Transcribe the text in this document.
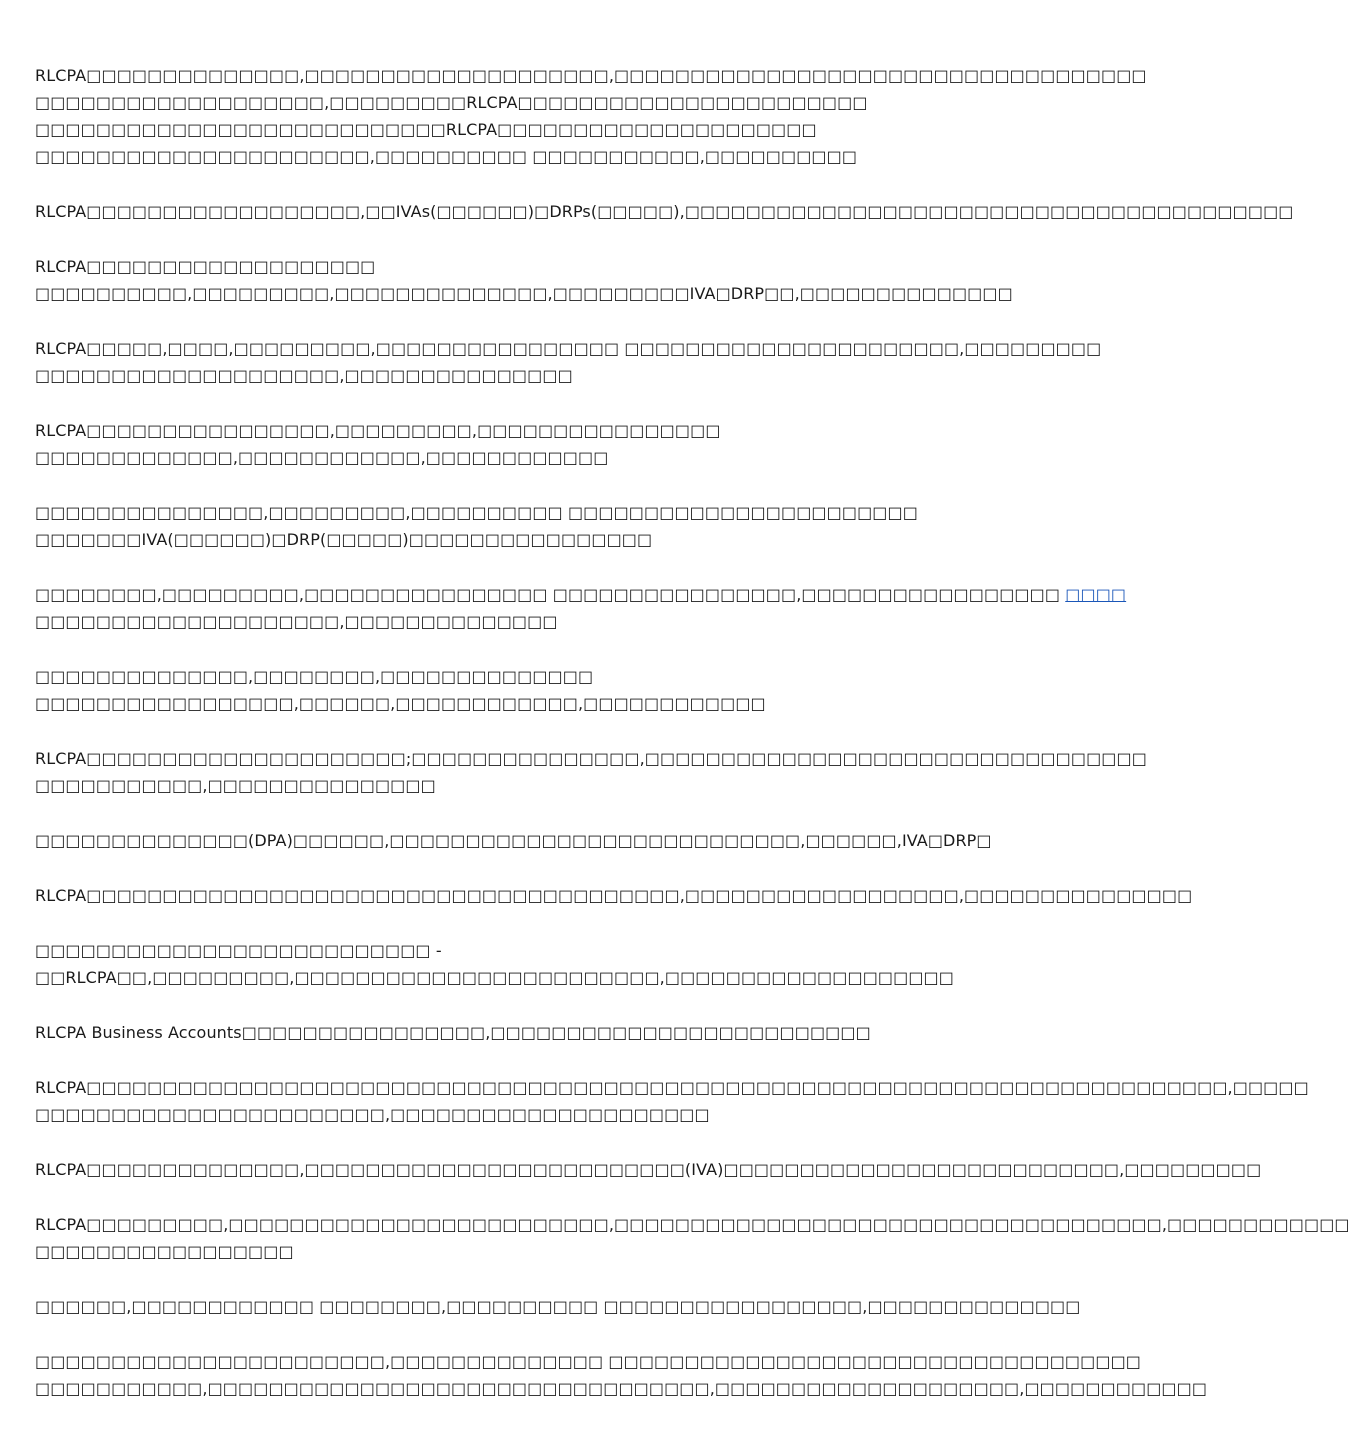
RLCPA□□□□□□□□□□□□□□,□□□□□□□□□□□□□□□□□□□□,□□□□□□□□□□□□□□□□□□□□□□□□□□□□□□□□□□□
□□□□□□□□□□□□□□□□□□□,□□□□□□□□□RLCPA□□□□□□□□□□□□□□□□□□□□□□□
□□□□□□□□□□□□□□□□□□□□□□□□□□□RLCPA□□□□□□□□□□□□□□□□□□□□□
□□□□□□□□□□□□□□□□□□□□□□,□□□□□□□□□□ □□□□□□□□□□□,□□□□□□□□□□
RLCPA□□□□□□□□□□□□□□□□□□,□□IVAs(□□□□□□)□DRPs(□□□□□),□□□□□□□□□□□□□□□□□□□□□□□□□□□□□□□□□□□□□□□□
RLCPA□□□□□□□□□□□□□□□□□□□
□□□□□□□□□□,□□□□□□□□□,□□□□□□□□□□□□□□,□□□□□□□□□IVA□DRP□□,□□□□□□□□□□□□□□
RLCPA□□□□□,□□□□,□□□□□□□□□,□□□□□□□□□□□□□□□□ □□□□□□□□□□□□□□□□□□□□□□,□□□□□□□□□
□□□□□□□□□□□□□□□□□□□□,□□□□□□□□□□□□□□□
RLCPA□□□□□□□□□□□□□□□□,□□□□□□□□□,□□□□□□□□□□□□□□□□
□□□□□□□□□□□□□,□□□□□□□□□□□□,□□□□□□□□□□□□
□□□□□□□□□□□□□□□,□□□□□□□□□,□□□□□□□□□□ □□□□□□□□□□□□□□□□□□□□□□□
□□□□□□□IVA(□□□□□□)□DRP(□□□□□)□□□□□□□□□□□□□□□□
□□□□□□□□,□□□□□□□□□,□□□□□□□□□□□□□□□□ □□□□□□□□□□□□□□□□,□□□□□□□□□□□□□□□□□ □□□□
□□□□□□□□□□□□□□□□□□□□,□□□□□□□□□□□□□□
□□□□□□□□□□□□□□,□□□□□□□□,□□□□□□□□□□□□□□
□□□□□□□□□□□□□□□□□,□□□□□□,□□□□□□□□□□□□,□□□□□□□□□□□□
RLCPA□□□□□□□□□□□□□□□□□□□□□;□□□□□□□□□□□□□□□,□□□□□□□□□□□□□□□□□□□□□□□□□□□□□□□□□
□□□□□□□□□□□,□□□□□□□□□□□□□□□
□□□□□□□□□□□□□□(DPA)□□□□□□,□□□□□□□□□□□□□□□□□□□□□□□□□□□,□□□□□□,IVA□DRP□
RLCPA□□□□□□□□□□□□□□□□□□□□□□□□□□□□□□□□□□□□□□□,□□□□□□□□□□□□□□□□□□,□□□□□□□□□□□□□□□
□□□□□□□□□□□□□□□□□□□□□□□□□□ -
□□RLCPA□□,□□□□□□□□□,□□□□□□□□□□□□□□□□□□□□□□□□,□□□□□□□□□□□□□□□□□□□
RLCPA Business Accounts□□□□□□□□□□□□□□□□,□□□□□□□□□□□□□□□□□□□□□□□□□
RLCPA□□□□□□□□□□□□□□□□□□□□□□□□□□□□□□□□□□□□□□□□□□□□□□□□□□□□□□□□□□□□□□□□□□□□□□□□□□□,□□□□□
□□□□□□□□□□□□□□□□□□□□□□□,□□□□□□□□□□□□□□□□□□□□□
RLCPA□□□□□□□□□□□□□□,□□□□□□□□□□□□□□□□□□□□□□□□□(IVA)□□□□□□□□□□□□□□□□□□□□□□□□□□,□□□□□□□□□
RLCPA□□□□□□□□□,□□□□□□□□□□□□□□□□□□□□□□□□□,□□□□□□□□□□□□□□□□□□□□□□□□□□□□□□□□□□□□,□□□□□□□□□□□□
□□□□□□□□□□□□□□□□□
□□□□□□,□□□□□□□□□□□□ □□□□□□□□,□□□□□□□□□□ □□□□□□□□□□□□□□□□□,□□□□□□□□□□□□□□
□□□□□□□□□□□□□□□□□□□□□□□,□□□□□□□□□□□□□□ □□□□□□□□□□□□□□□□□□□□□□□□□□□□□□□□□□□
□□□□□□□□□□□,□□□□□□□□□□□□□□□□□□□□□□□□□□□□□□□□□,□□□□□□□□□□□□□□□□□□□□,□□□□□□□□□□□□
